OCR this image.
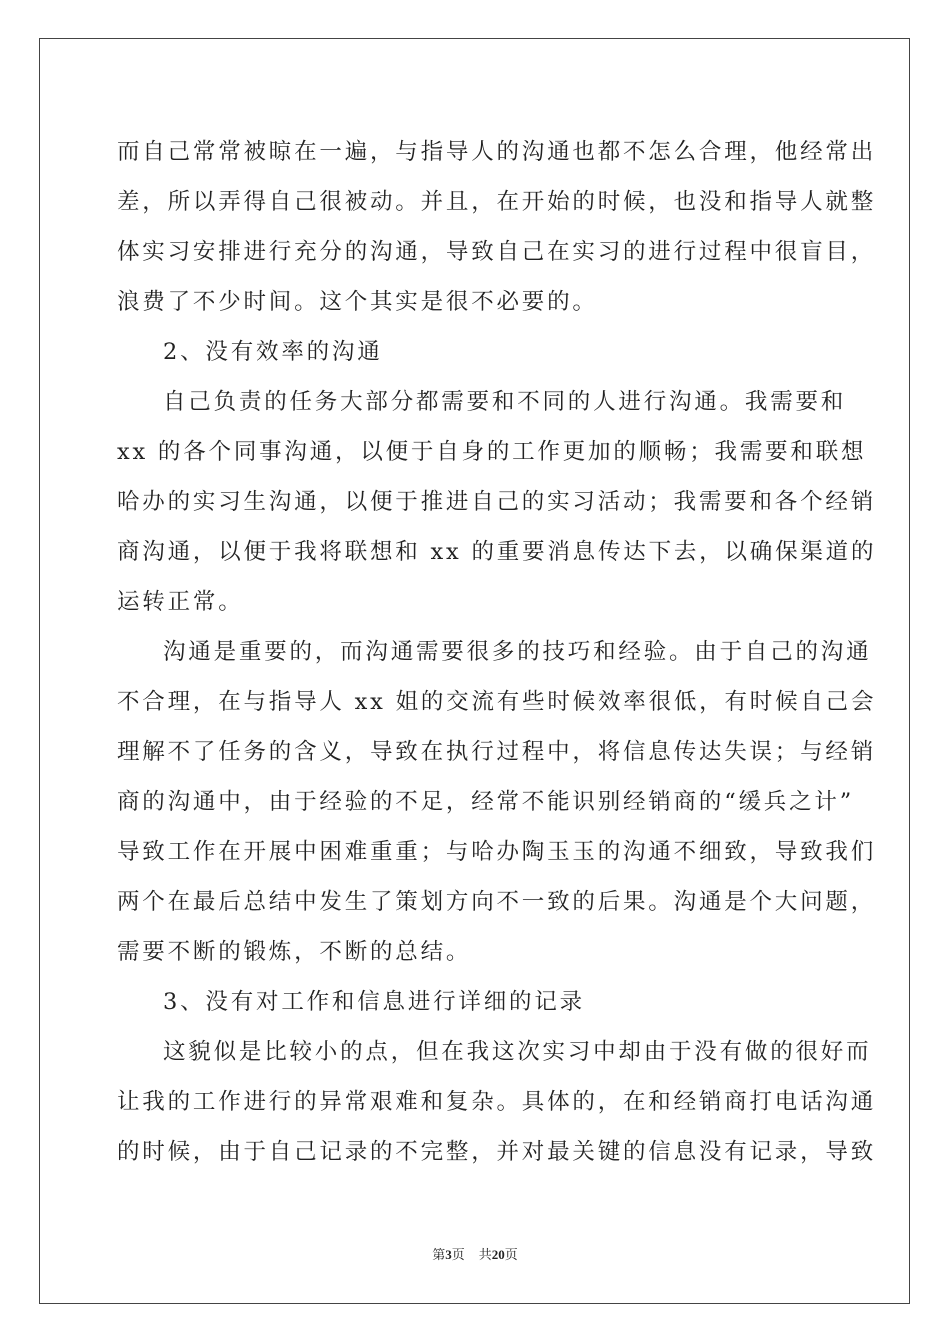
而自己常常被晾在一遍，与指导人的沟通也都不怎么合理，他经常出
差，所以弄得自己很被动。并且，在开始的时候，也没和指导人就整
体实习安排进行充分的沟通，导致自己在实习的进行过程中很盲目，
浪费了不少时间。这个其实是很不必要的。
2、没有效率的沟通
自己负责的任务大部分都需要和不同的人进行沟通。我需要和
xx 的各个同事沟通，以便于自身的工作更加的顺畅；我需要和联想
哈办的实习生沟通，以便于推进自己的实习活动；我需要和各个经销
商沟通，以便于我将联想和 xx 的重要消息传达下去，以确保渠道的
运转正常。
沟通是重要的，而沟通需要很多的技巧和经验。由于自己的沟通
不合理，在与指导人 xx 姐的交流有些时候效率很低，有时候自己会
理解不了任务的含义，导致在执行过程中，将信息传达失误；与经销
商的沟通中，由于经验的不足，经常不能识别经销商的“缓兵之计”
导致工作在开展中困难重重；与哈办陶玉玉的沟通不细致，导致我们
两个在最后总结中发生了策划方向不一致的后果。沟通是个大问题，
需要不断的锻炼，不断的总结。
3、没有对工作和信息进行详细的记录
这貌似是比较小的点，但在我这次实习中却由于没有做的很好而
让我的工作进行的异常艰难和复杂。具体的，在和经销商打电话沟通
的时候，由于自己记录的不完整，并对最关键的信息没有记录，导致
第3页 共20页
